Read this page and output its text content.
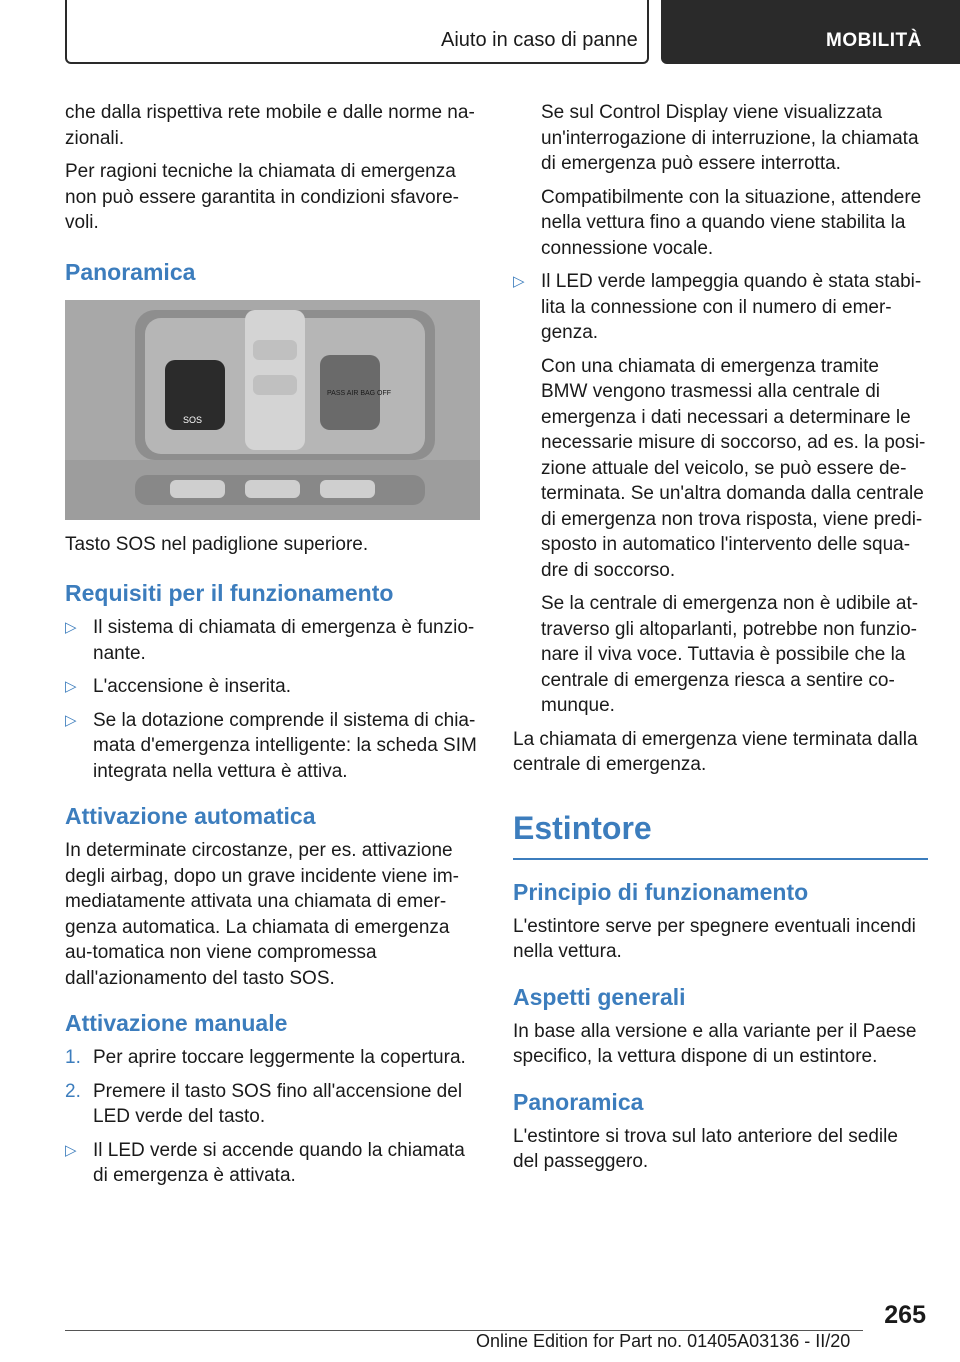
Aiuto in caso di panne	MOBILITÀ

che dalla rispettiva rete mobile e dalle norme na-zionali.

Per ragioni tecniche la chiamata di emergenza non può essere garantita in condizioni sfavore-voli.

Panoramica
SOS
PASS AIR BAG OFF

Tasto SOS nel padiglione superiore.

Requisiti per il funzionamento
▷ Il sistema di chiamata di emergenza è funzio-nante.
▷ L'accensione è inserita.
▷ Se la dotazione comprende il sistema di chia-mata d'emergenza intelligente: la scheda SIM integrata nella vettura è attiva.
Attivazione automatica

In determinate circostanze, per es. attivazione degli airbag, dopo un grave incidente viene im-mediatamente attivata una chiamata di emer-genza automatica. La chiamata di emergenza au-tomatica non viene compromessa dall'azionamento del tasto SOS.

Attivazione manuale
1. Per aprire toccare leggermente la copertura.
2. Premere il tasto SOS fino all'accensione del LED verde del tasto.
▷ Il LED verde si accende quando la chiamata di emergenza è attivata.

Se sul Control Display viene visualizzata un'interrogazione di interruzione, la chiamata di emergenza può essere interrotta.

Compatibilmente con la situazione, attendere nella vettura fino a quando viene stabilita la connessione vocale.

▷ Il LED verde lampeggia quando è stata stabi-lita la connessione con il numero di emer-genza.

Con una chiamata di emergenza tramite BMW vengono trasmessi alla centrale di emergenza i dati necessari a determinare le necessarie misure di soccorso, ad es. la posi-zione attuale del veicolo, se può essere de-terminata. Se un'altra domanda dalla centrale di emergenza non trova risposta, viene predi-sposto in automatico l'intervento delle squa-dre di soccorso.

Se la centrale di emergenza non è udibile at-traverso gli altoparlanti, potrebbe non funzio-nare il viva voce. Tuttavia è possibile che la centrale di emergenza riesca a sentire co-munque.

La chiamata di emergenza viene terminata dalla centrale di emergenza.

Estintore
Principio di funzionamento

L'estintore serve per spegnere eventuali incendi nella vettura.

Aspetti generali

In base alla versione e alla variante per il Paese specifico, la vettura dispone di un estintore.

Panoramica

L'estintore si trova sul lato anteriore del sedile del passeggero.

265
Online Edition for Part no. 01405A03136 - II/20
